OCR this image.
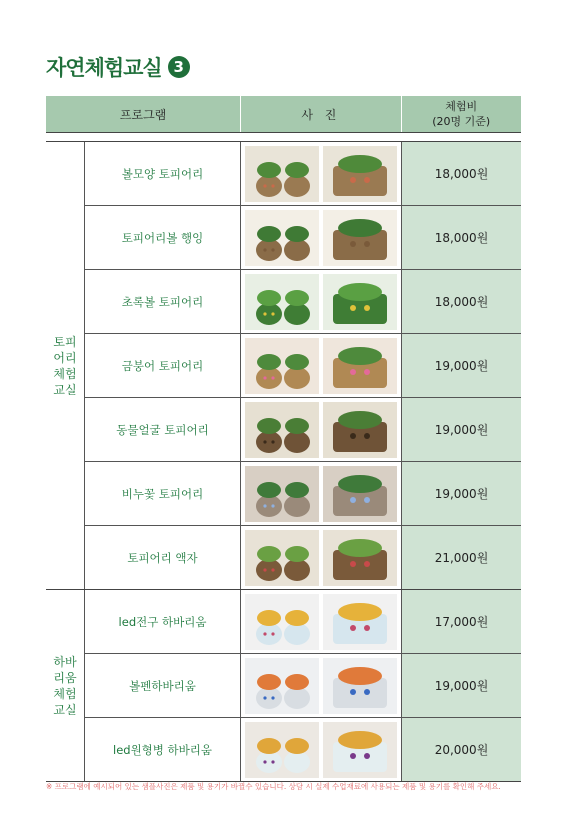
자연체험교실 3
프로그램	사 진
체험비
(20명 기준)
토피
어리
체험
교실
볼모양 토피어리	18,000원
토피어리볼 행잉	18,000원
초록볼 토피어리	18,000원
금붕어 토피어리	19,000원
동물얼굴 토피어리	19,000원
비누꽃 토피어리	19,000원
토피어리 액자	21,000원
하바
리움
체험
교실
led전구 하바리움	17,000원
볼펜하바리움	19,000원
led원형병 하바리움	20,000원
※ 프로그램에 예시되어 있는 샘플사진은 제품 및 용기가 바뀔수 있습니다. 상담 시 실제 수업재료에 사용되는 제품 및 용기를 확인해 주세요.
